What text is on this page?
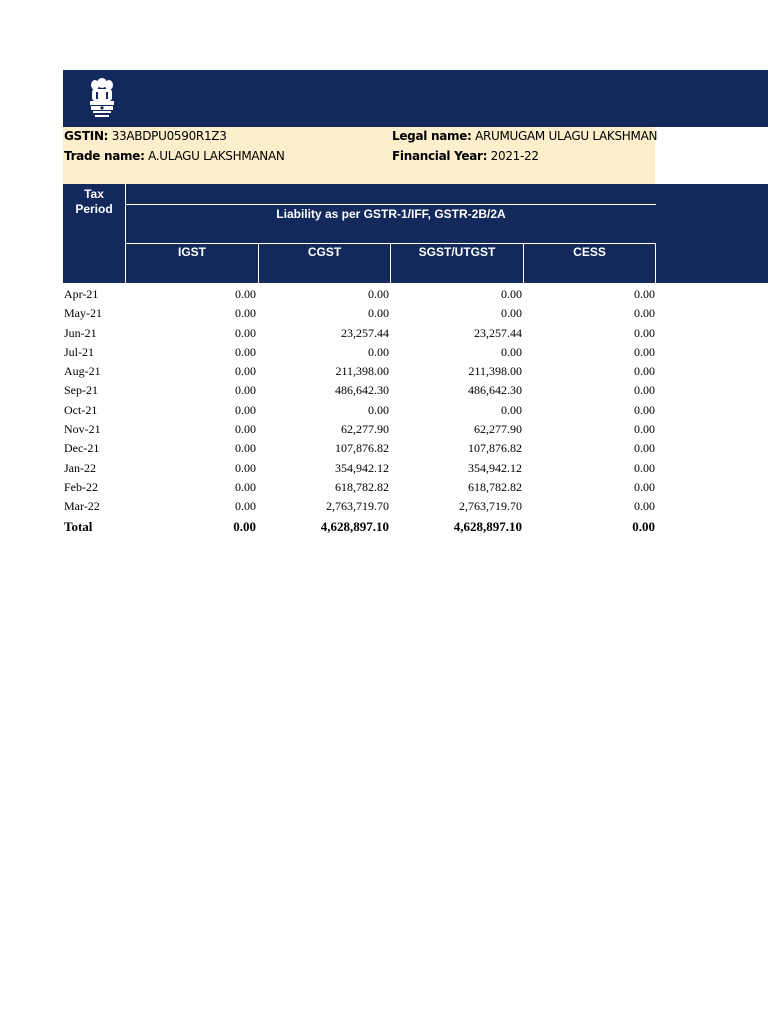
GSTIN: 33ABDPU0590R1Z3	Legal name: ARUMUGAM ULAGU LAKSHMAN
Trade name: A.ULAGU LAKSHMANAN	Financial Year: 2021-22
Tax
Period	Liability as per GSTR-1/IFF, GSTR-2B/2A
IGST	CGST	SGST/UTGST	CESS
Apr-21	0.00	0.00	0.00	0.00
May-21	0.00	0.00	0.00	0.00
Jun-21	0.00	23,257.44	23,257.44	0.00
Jul-21	0.00	0.00	0.00	0.00
Aug-21	0.00	211,398.00	211,398.00	0.00
Sep-21	0.00	486,642.30	486,642.30	0.00
Oct-21	0.00	0.00	0.00	0.00
Nov-21	0.00	62,277.90	62,277.90	0.00
Dec-21	0.00	107,876.82	107,876.82	0.00
Jan-22	0.00	354,942.12	354,942.12	0.00
Feb-22	0.00	618,782.82	618,782.82	0.00
Mar-22	0.00	2,763,719.70	2,763,719.70	0.00
Total	0.00	4,628,897.10	4,628,897.10	0.00
